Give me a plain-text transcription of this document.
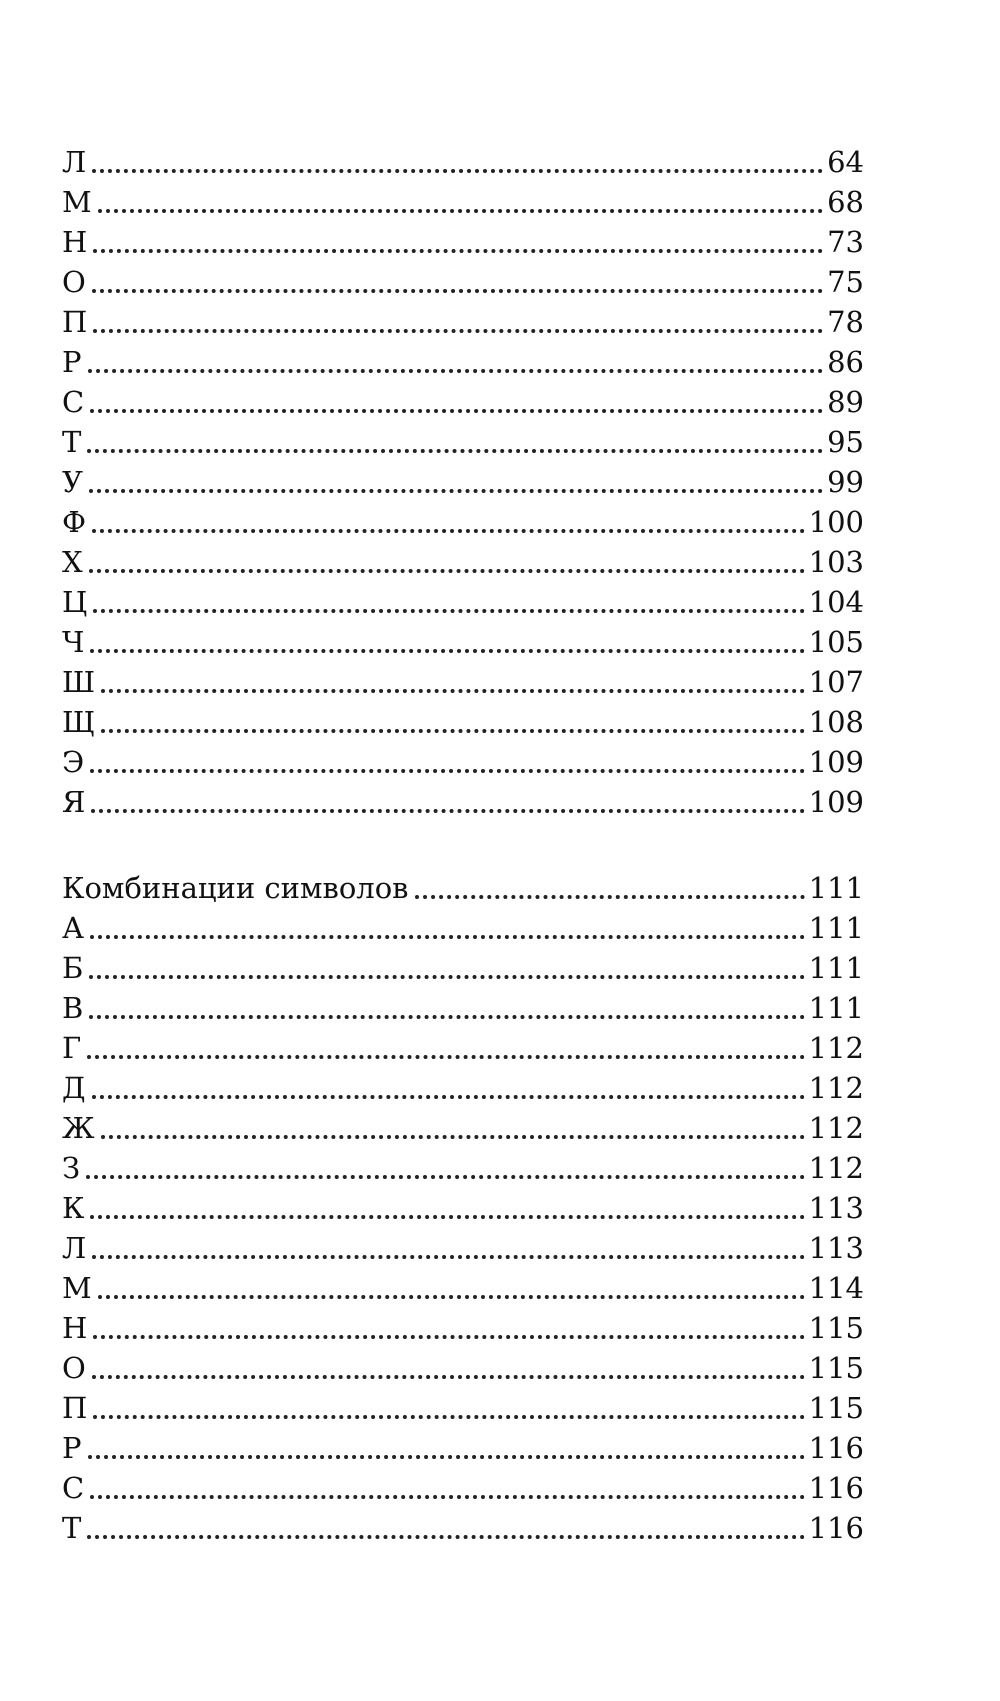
Л	64
М	68
Н	73
О	75
П	78
Р	86
С	89
Т	95
У	99
Ф	100
Х	103
Ц	104
Ч	105
Ш	107
Щ	108
Э	109
Я	109
Комбинации символов	111
А	111
Б	111
В	111
Г	112
Д	112
Ж	112
З	112
К	113
Л	113
М	114
Н	115
О	115
П	115
Р	116
С	116
Т	116
